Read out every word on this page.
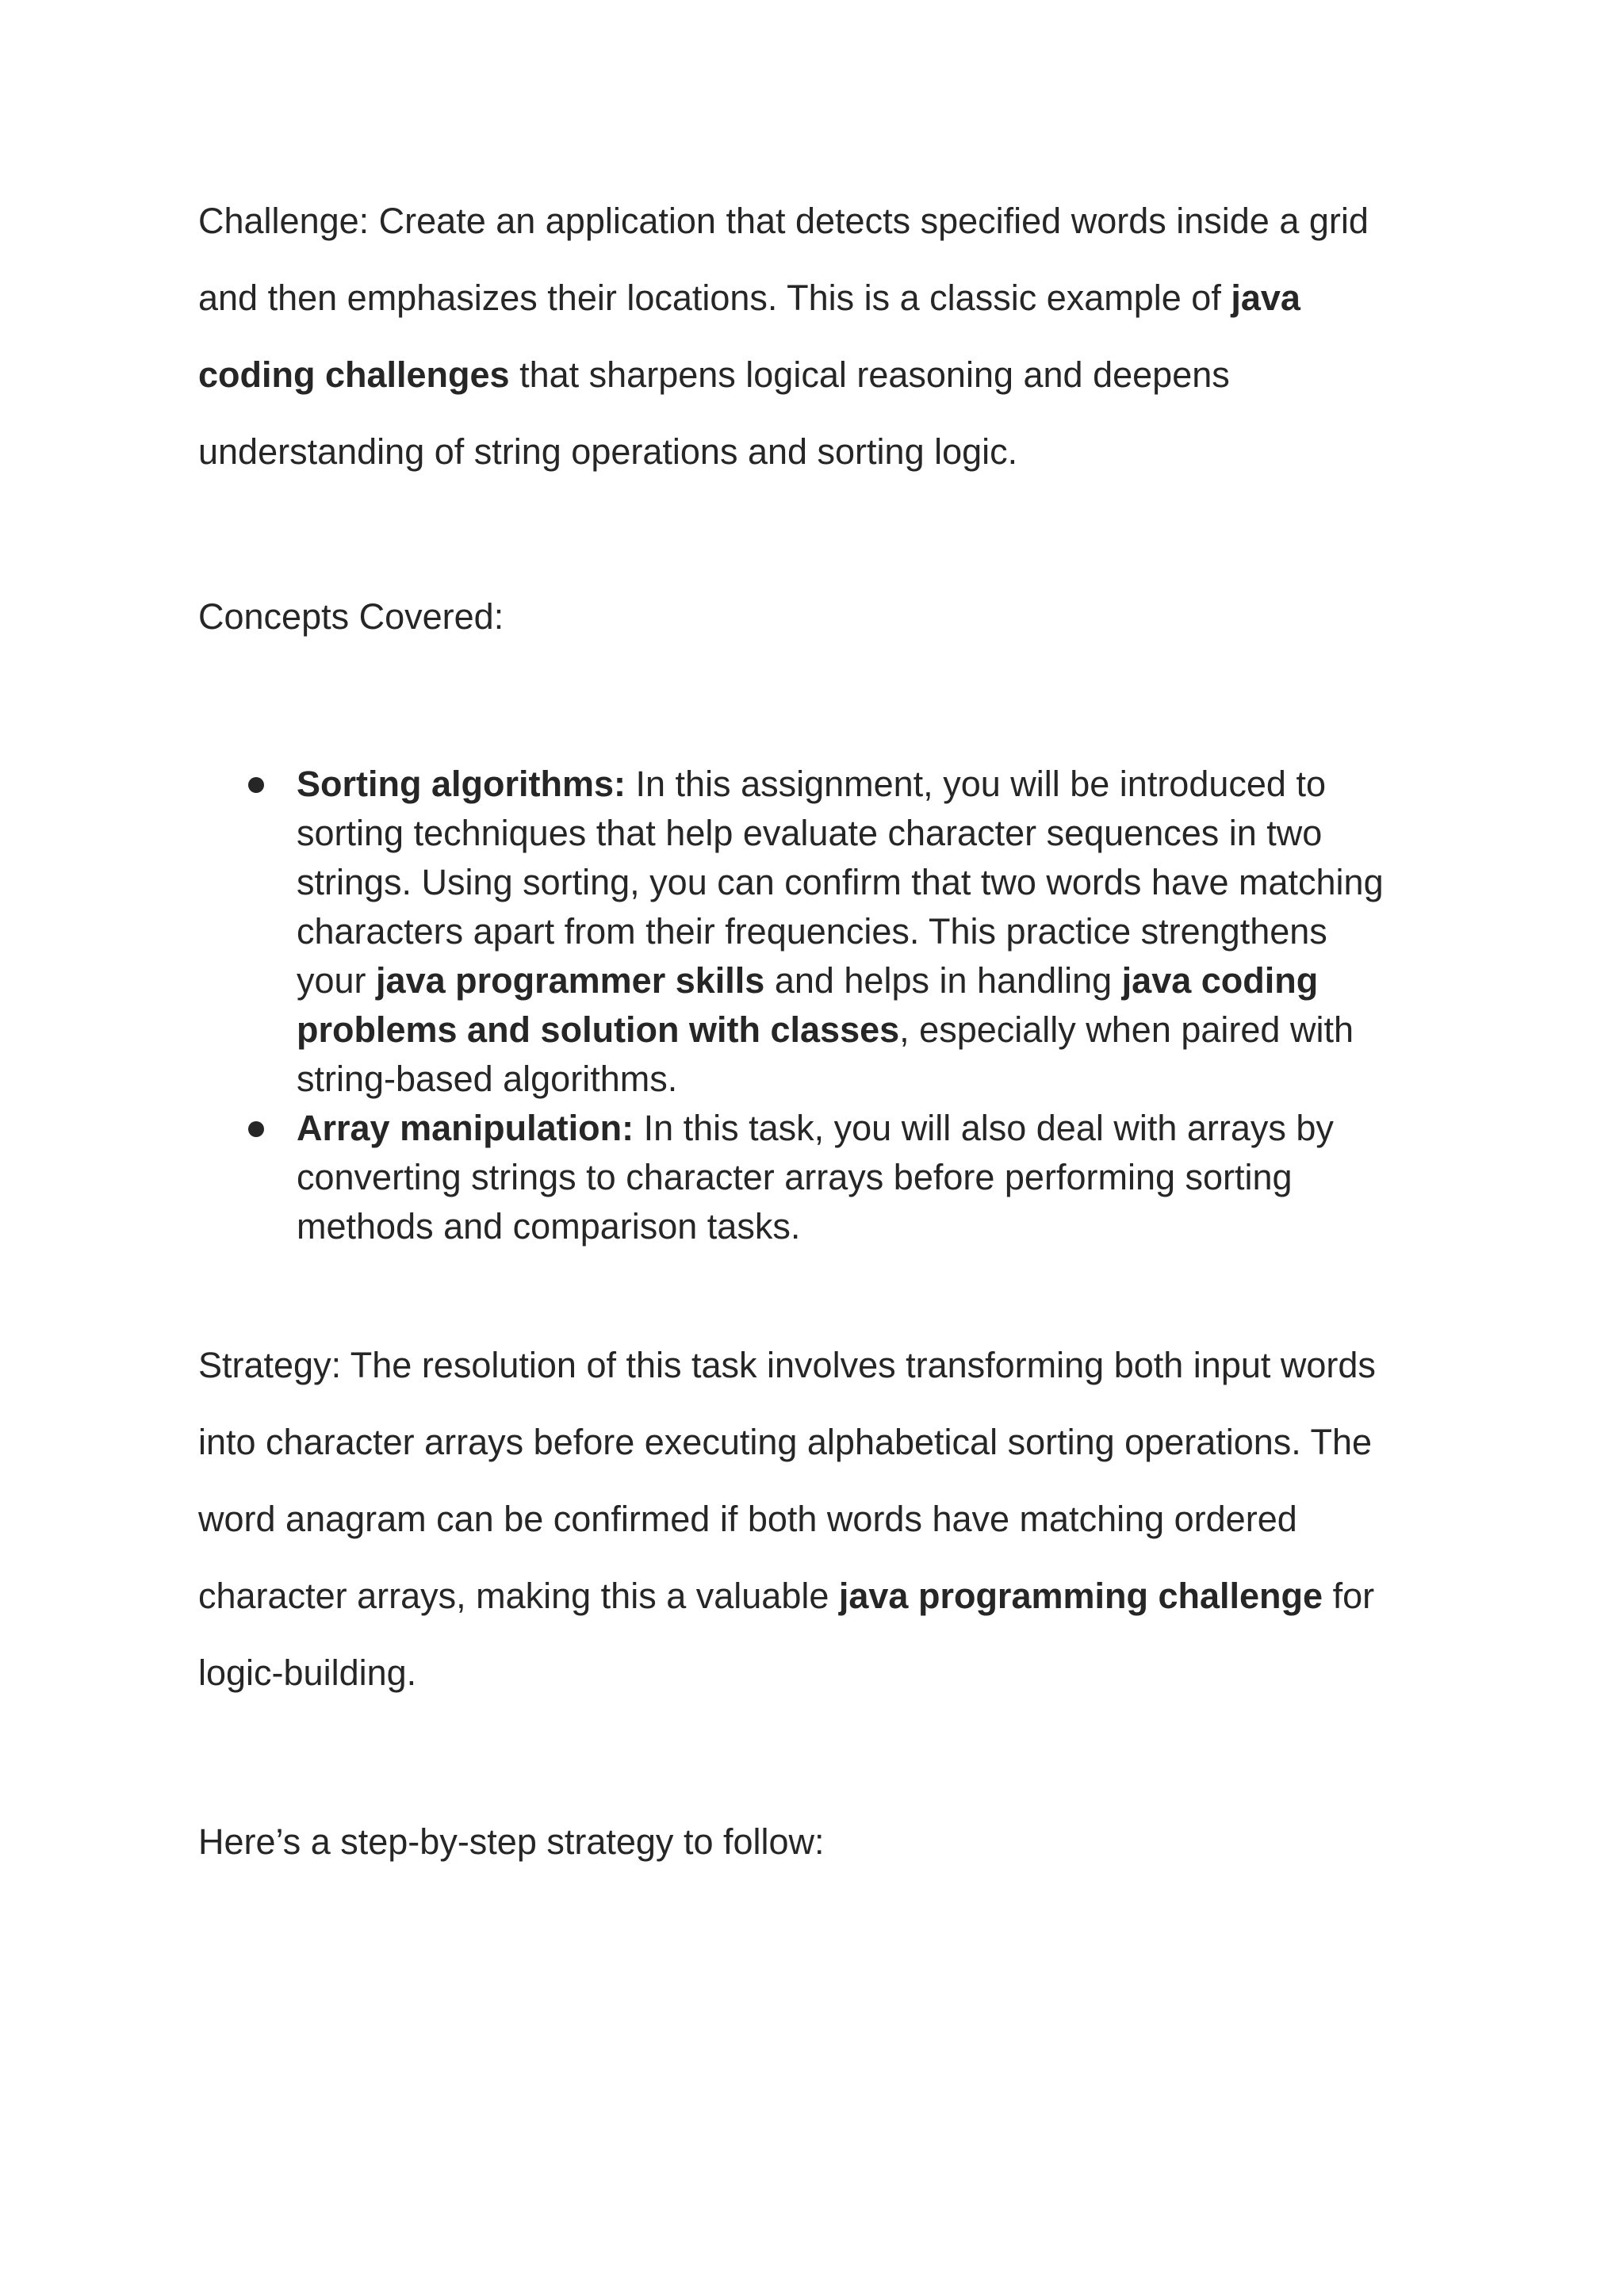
Challenge: Create an application that detects specified words inside a grid
and then emphasizes their locations. This is a classic example of java
coding challenges that sharpens logical reasoning and deepens
understanding of string operations and sorting logic.

Concepts Covered:

Sorting algorithms: In this assignment, you will be introduced to
sorting techniques that help evaluate character sequences in two
strings. Using sorting, you can confirm that two words have matching
characters apart from their frequencies. This practice strengthens
your java programmer skills and helps in handling java coding
problems and solution with classes, especially when paired with
string-based algorithms.
Array manipulation: In this task, you will also deal with arrays by
converting strings to character arrays before performing sorting
methods and comparison tasks.
Strategy: The resolution of this task involves transforming both input words
into character arrays before executing alphabetical sorting operations. The
word anagram can be confirmed if both words have matching ordered
character arrays, making this a valuable java programming challenge for
logic-building.

Here’s a step-by-step strategy to follow:
